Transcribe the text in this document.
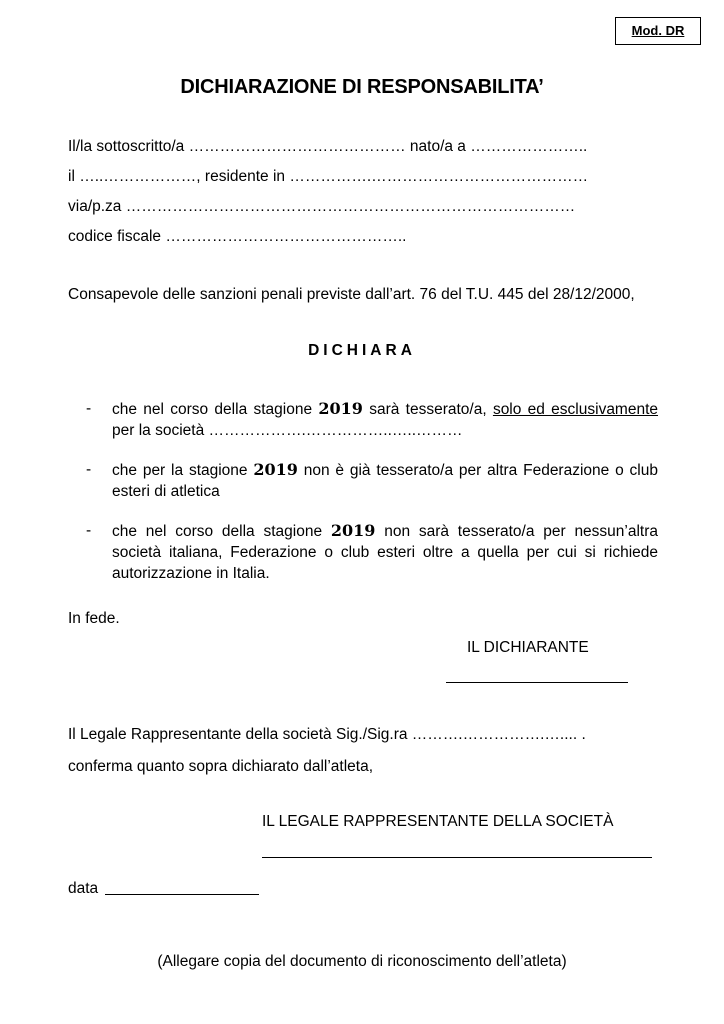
Mod. DR
DICHIARAZIONE DI RESPONSABILITA’
Il/la sottoscritto/a …………………………………… nato/a a …………………..
il …..………………, residente in …………….……………………………………
via/p.za ……………………………………………………………………………
codice fiscale ………………………………………..
Consapevole delle sanzioni penali previste dall’art. 76 del T.U. 445 del 28/12/2000,
DICHIARA
- che nel corso della stagione 2019 sarà tesserato/a, solo ed esclusivamente per la società ……………….……………..…..………
- che per la stagione 2019 non è già tesserato/a per altra Federazione o club esteri di atletica
- che nel corso della stagione 2019 non sarà tesserato/a per nessun’altra società italiana, Federazione o club esteri oltre a quella per cui si richiede autorizzazione in Italia.
In fede.
IL DICHIARANTE
Il Legale Rappresentante della società Sig./Sig.ra ……….…………….….... .
conferma quanto sopra dichiarato dall’atleta,
IL LEGALE RAPPRESENTANTE DELLA SOCIETÀ
data
(Allegare copia del documento di riconoscimento dell’atleta)
